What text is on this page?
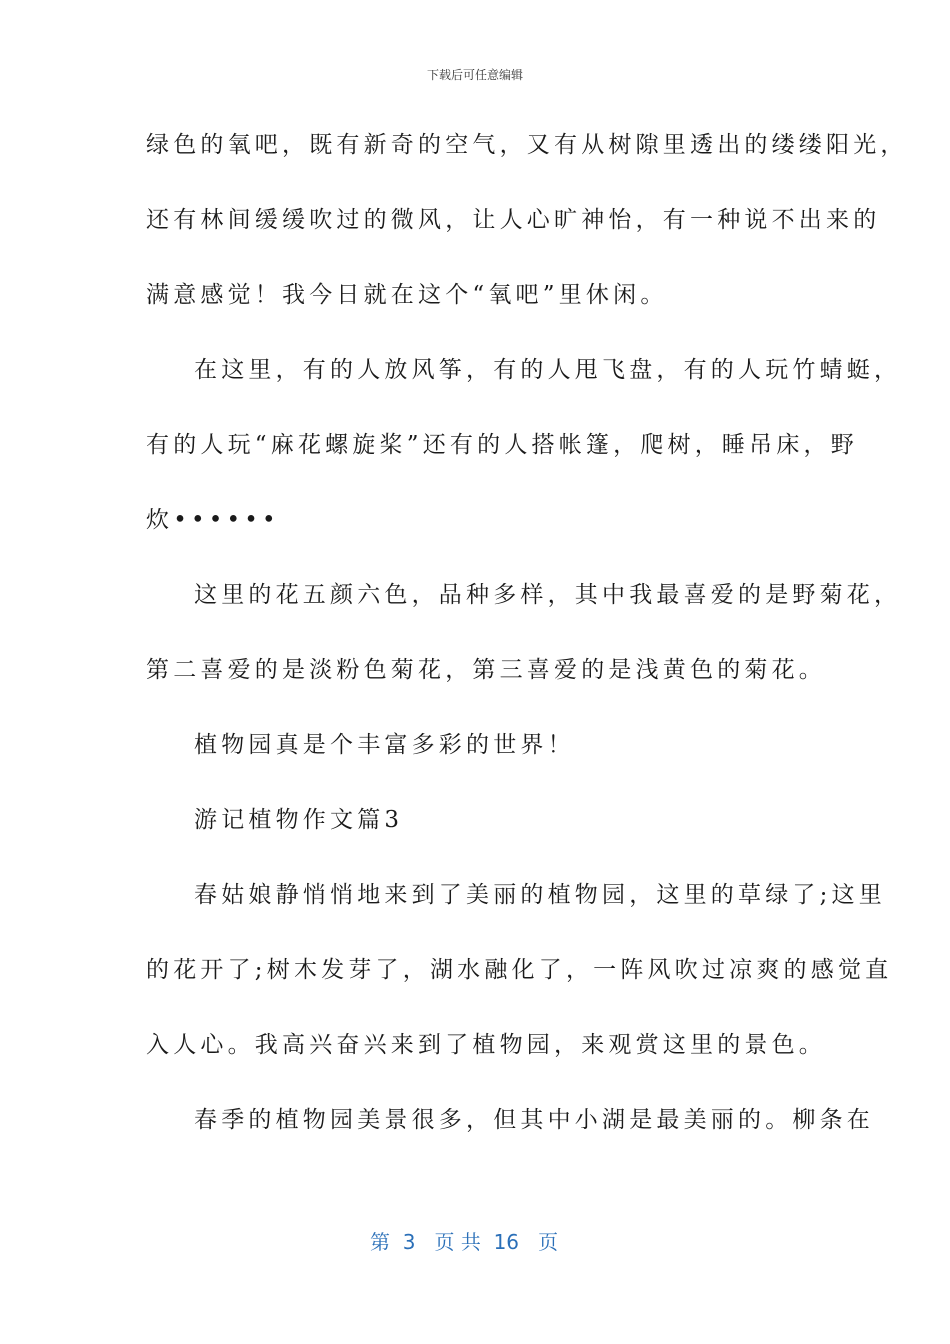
下载后可任意编辑
绿色的氧吧，既有新奇的空气，又有从树隙里透出的缕缕阳光，
还有林间缓缓吹过的微风，让人心旷神怡，有一种说不出来的
满意感觉！我今日就在这个“氧吧”里休闲。
在这里，有的人放风筝，有的人甩飞盘，有的人玩竹蜻蜓，
有的人玩“麻花螺旋桨”还有的人搭帐篷，爬树，睡吊床，野
炊••••••
这里的花五颜六色，品种多样，其中我最喜爱的是野菊花，
第二喜爱的是淡粉色菊花，第三喜爱的是浅黄色的菊花。
植物园真是个丰富多彩的世界！
游记植物作文篇3
春姑娘静悄悄地来到了美丽的植物园，这里的草绿了;这里
的花开了;树木发芽了，湖水融化了，一阵风吹过凉爽的感觉直
入人心。我高兴奋兴来到了植物园，来观赏这里的景色。
春季的植物园美景很多，但其中小湖是最美丽的。柳条在
第  3   页 共  16   页
